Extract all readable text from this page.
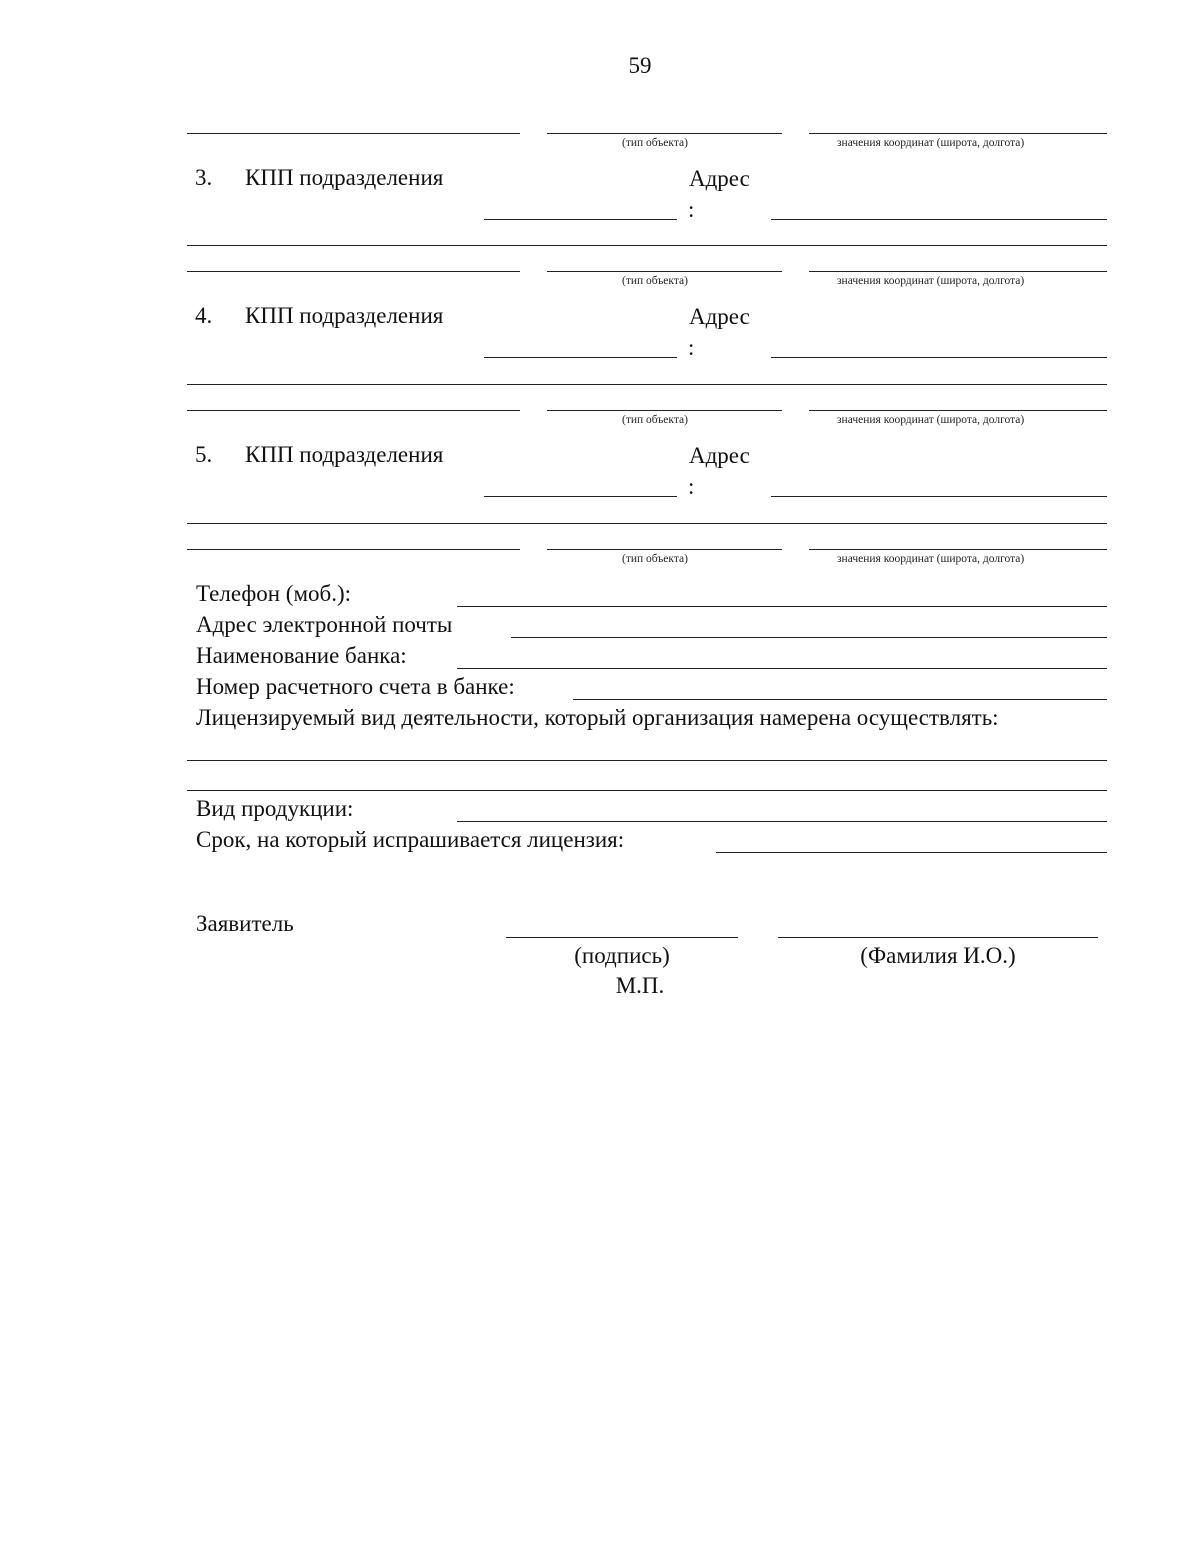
59
(тип объекта)	значения координат (широта, долгота)
3. КПП подразделения	Адрес
:
(тип объекта)	значения координат (широта, долгота)
4. КПП подразделения	Адрес
:
(тип объекта)	значения координат (широта, долгота)
5. КПП подразделения	Адрес
:
(тип объекта)	значения координат (широта, долгота)
Телефон (моб.):
Адрес электронной почты
Наименование банка:
Номер расчетного счета в банке:
Лицензируемый вид деятельности, который организация намерена осуществлять:
Вид продукции:
Срок, на который испрашивается лицензия:
Заявитель
(подпись)	(Фамилия И.О.)
М.П.
